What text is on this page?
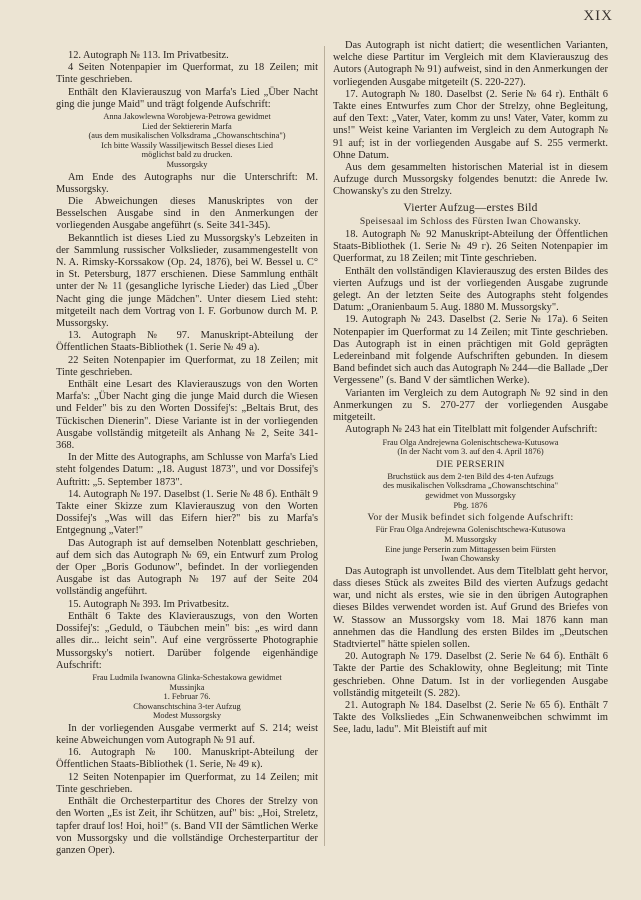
XIX

12. Autograph № 113. Im Privatbesitz.

4 Seiten Notenpapier im Querformat, zu 18 Zeilen; mit Tinte geschrieben.

Enthält den Klavierauszug von Marfa's Lied „Über Nacht ging die junge Maid" und trägt folgende Aufschrift:

Anna Jakowlewna Worobjewa-Petrowa gewidmet
Lied der Sektiererin Marfa
(aus dem musikalischen Volksdrama „Chowanschtschina")
Ich bitte Wassily Wassiljewitsch Bessel dieses Lied
möglichst bald zu drucken.
Mussorgsky

Am Ende des Autographs nur die Unterschrift: M. Mussorgsky.

Die Abweichungen dieses Manuskriptes von der Besselschen Ausgabe sind in den Anmerkungen der vorliegenden Ausgabe angeführt (s. Seite 341-345).

Bekanntlich ist dieses Lied zu Mussorgsky's Lebzeiten in der Sammlung russischer Volkslieder, zusammengestellt von N. A. Rimsky-Korssakow (Op. 24, 1876), bei W. Bessel u. C° in St. Petersburg, 1877 erschienen. Diese Sammlung enthält unter der № 11 (gesangliche lyrische Lieder) das Lied „Über Nacht ging die junge Mädchen". Unter diesem Lied steht: mitgeteilt nach dem Vortrag von I. F. Gorbunow durch M. P. Mussorgsky.

13. Autograph № 97. Manuskript-Abteilung der Öffentlichen Staats-Bibliothek (1. Serie № 49 a).

22 Seiten Notenpapier im Querformat, zu 18 Zeilen; mit Tinte geschrieben.

Enthält eine Lesart des Klavierauszugs von den Worten Marfa's: „Über Nacht ging die junge Maid durch die Wiesen und Felder" bis zu den Worten Dossifej's: „Beltais Brut, des Tückischen Dienerin". Diese Variante ist in der vorliegenden Ausgabe vollständig mitgeteilt als Anhang № 2, Seite 341-368.

In der Mitte des Autographs, am Schlusse von Marfa's Lied steht folgendes Datum: „18. August 1873", und vor Dossifej's Auftritt: „5. September 1873".

14. Autograph № 197. Daselbst (1. Serie № 48 б). Enthält 9 Takte einer Skizze zum Klavierauszug von den Worten Dossifej's „Was will das Eifern hier?" bis zu Marfa's Entgegnung „Vater!"

Das Autograph ist auf demselben Notenblatt geschrieben, auf dem sich das Autograph № 69, ein Entwurf zum Prolog der Oper „Boris Godunow", befindet. In der vorliegenden Ausgabe ist das Autograph № 197 auf der Seite 204 vollständig angeführt.

15. Autograph № 393. Im Privatbesitz.

Enthält 6 Takte des Klavierauszugs, von den Worten Dossifej's: „Geduld, o Täubchen mein" bis: „es wird dann alles dir... leicht sein". Auf eine vergrösserte Photographie Mussorgsky's notiert. Darüber folgende eigenhändige Aufschrift:

Frau Ludmila Iwanowna Glinka-Schestakowa gewidmet
Mussinjka
1. Februar 76.
Chowanschtschina 3-ter Aufzug
Modest Mussorgsky

In der vorliegenden Ausgabe vermerkt auf S. 214; weist keine Abweichungen vom Autograph № 91 auf.

16. Autograph № 100. Manuskript-Abteilung der Öffentlichen Staats-Bibliothek (1. Serie, № 49 к).

12 Seiten Notenpapier im Querformat, zu 14 Zeilen; mit Tinte geschrieben.

Enthält die Orchesterpartitur des Chores der Strelzy von den Worten „Es ist Zeit, ihr Schützen, auf" bis: „Hoi, Streletz, tapfer drauf los! Hoi, hoi!" (s. Band VII der Sämtlichen Werke von Mussorgsky und die vollständige Orchesterpartitur der ganzen Oper).

Das Autograph ist nicht datiert; die wesentlichen Varianten, welche diese Partitur im Vergleich mit dem Klavierauszug des Autors (Autograph № 91) aufweist, sind in den Anmerkungen der vorliegenden Ausgabe mitgeteilt (S. 220-227).

17. Autograph № 180. Daselbst (2. Serie № 64 r). Enthält 6 Takte eines Entwurfes zum Chor der Strelzy, ohne Begleitung, auf den Text: „Vater, Vater, komm zu uns! Vater, Vater, komm zu uns!" Weist keine Varianten im Vergleich zu dem Autograph № 91 auf; ist in der vorliegenden Ausgabe auf S. 255 vermerkt. Ohne Datum.

Aus dem gesammelten historischen Material ist in diesem Aufzuge durch Mussorgsky folgendes benutzt: die Anrede Iw. Chowansky's zu den Strelzy.

Vierter Aufzug—erstes Bild
Speisesaal im Schloss des Fürsten Iwan Chowansky.

18. Autograph № 92 Manuskript-Abteilung der Öffentlichen Staats-Bibliothek (1. Serie № 49 г). 26 Seiten Notenpapier im Querformat, zu 18 Zeilen; mit Tinte geschrieben.

Enthält den vollständigen Klavierauszug des ersten Bildes des vierten Aufzugs und ist der vorliegenden Ausgabe zugrunde gelegt. An der letzten Seite des Autographs steht folgendes Datum: „Oranienbaum 5. Aug. 1880 M. Mussorgsky".

19. Autograph № 243. Daselbst (2. Serie № 17a). 6 Seiten Notenpapier im Querformat zu 14 Zeilen; mit Tinte geschrieben. Das Autograph ist in einen prächtigen mit Gold geprägten Ledereinband mit folgende Aufschriften gebunden. In diesem Band befindet sich auch das Autograph № 244—die Ballade „Der Vergessene" (s. Band V der sämtlichen Werke).

Varianten im Vergleich zu dem Autograph № 92 sind in den Anmerkungen zu S. 270-277 der vorliegenden Ausgabe mitgeteilt.

Autograph № 243 hat ein Titelblatt mit folgender Aufschrift:

Frau Olga Andrejewna Golenischtschewa-Kutusowa
(In der Nacht vom 3. auf den 4. April 1876)
DIE PERSERIN
Bruchstück aus dem 2-ten Bild des 4-ten Aufzugs
des musikalischen Volksdrama „Chowanschtschina"
gewidmet von Mussorgsky
Pbg. 1876
Vor der Musik befindet sich folgende Aufschrift:
Für Frau Olga Andrejewna Golenischtschewa-Kutusowa
M. Mussorgsky
Eine junge Perserin zum Mittagessen beim Fürsten
Iwan Chowansky

Das Autograph ist unvollendet. Aus dem Titelblatt geht hervor, dass dieses Stück als zweites Bild des vierten Aufzugs gedacht war, und nicht als erstes, wie sie in den übrigen Autographen dieses Bildes verwendet worden ist. Auf Grund des Briefes von W. Stassow an Mussorgsky vom 18. Mai 1876 kann man annehmen das die Handlung des ersten Bildes im „Deutschen Stadtviertel" hätte spielen sollen.

20. Autograph № 179. Daselbst (2. Serie № 64 б). Enthält 6 Takte der Partie des Schaklowity, ohne Begleitung; mit Tinte geschrieben. Ohne Datum. Ist in der vorliegenden Ausgabe vollständig mitgeteilt (S. 282).

21. Autograph № 184. Daselbst (2. Serie № 65 б). Enthält 7 Takte des Volksliedes „Ein Schwanenweibchen schwimmt im See, ladu, ladu". Mit Bleistift auf mit
